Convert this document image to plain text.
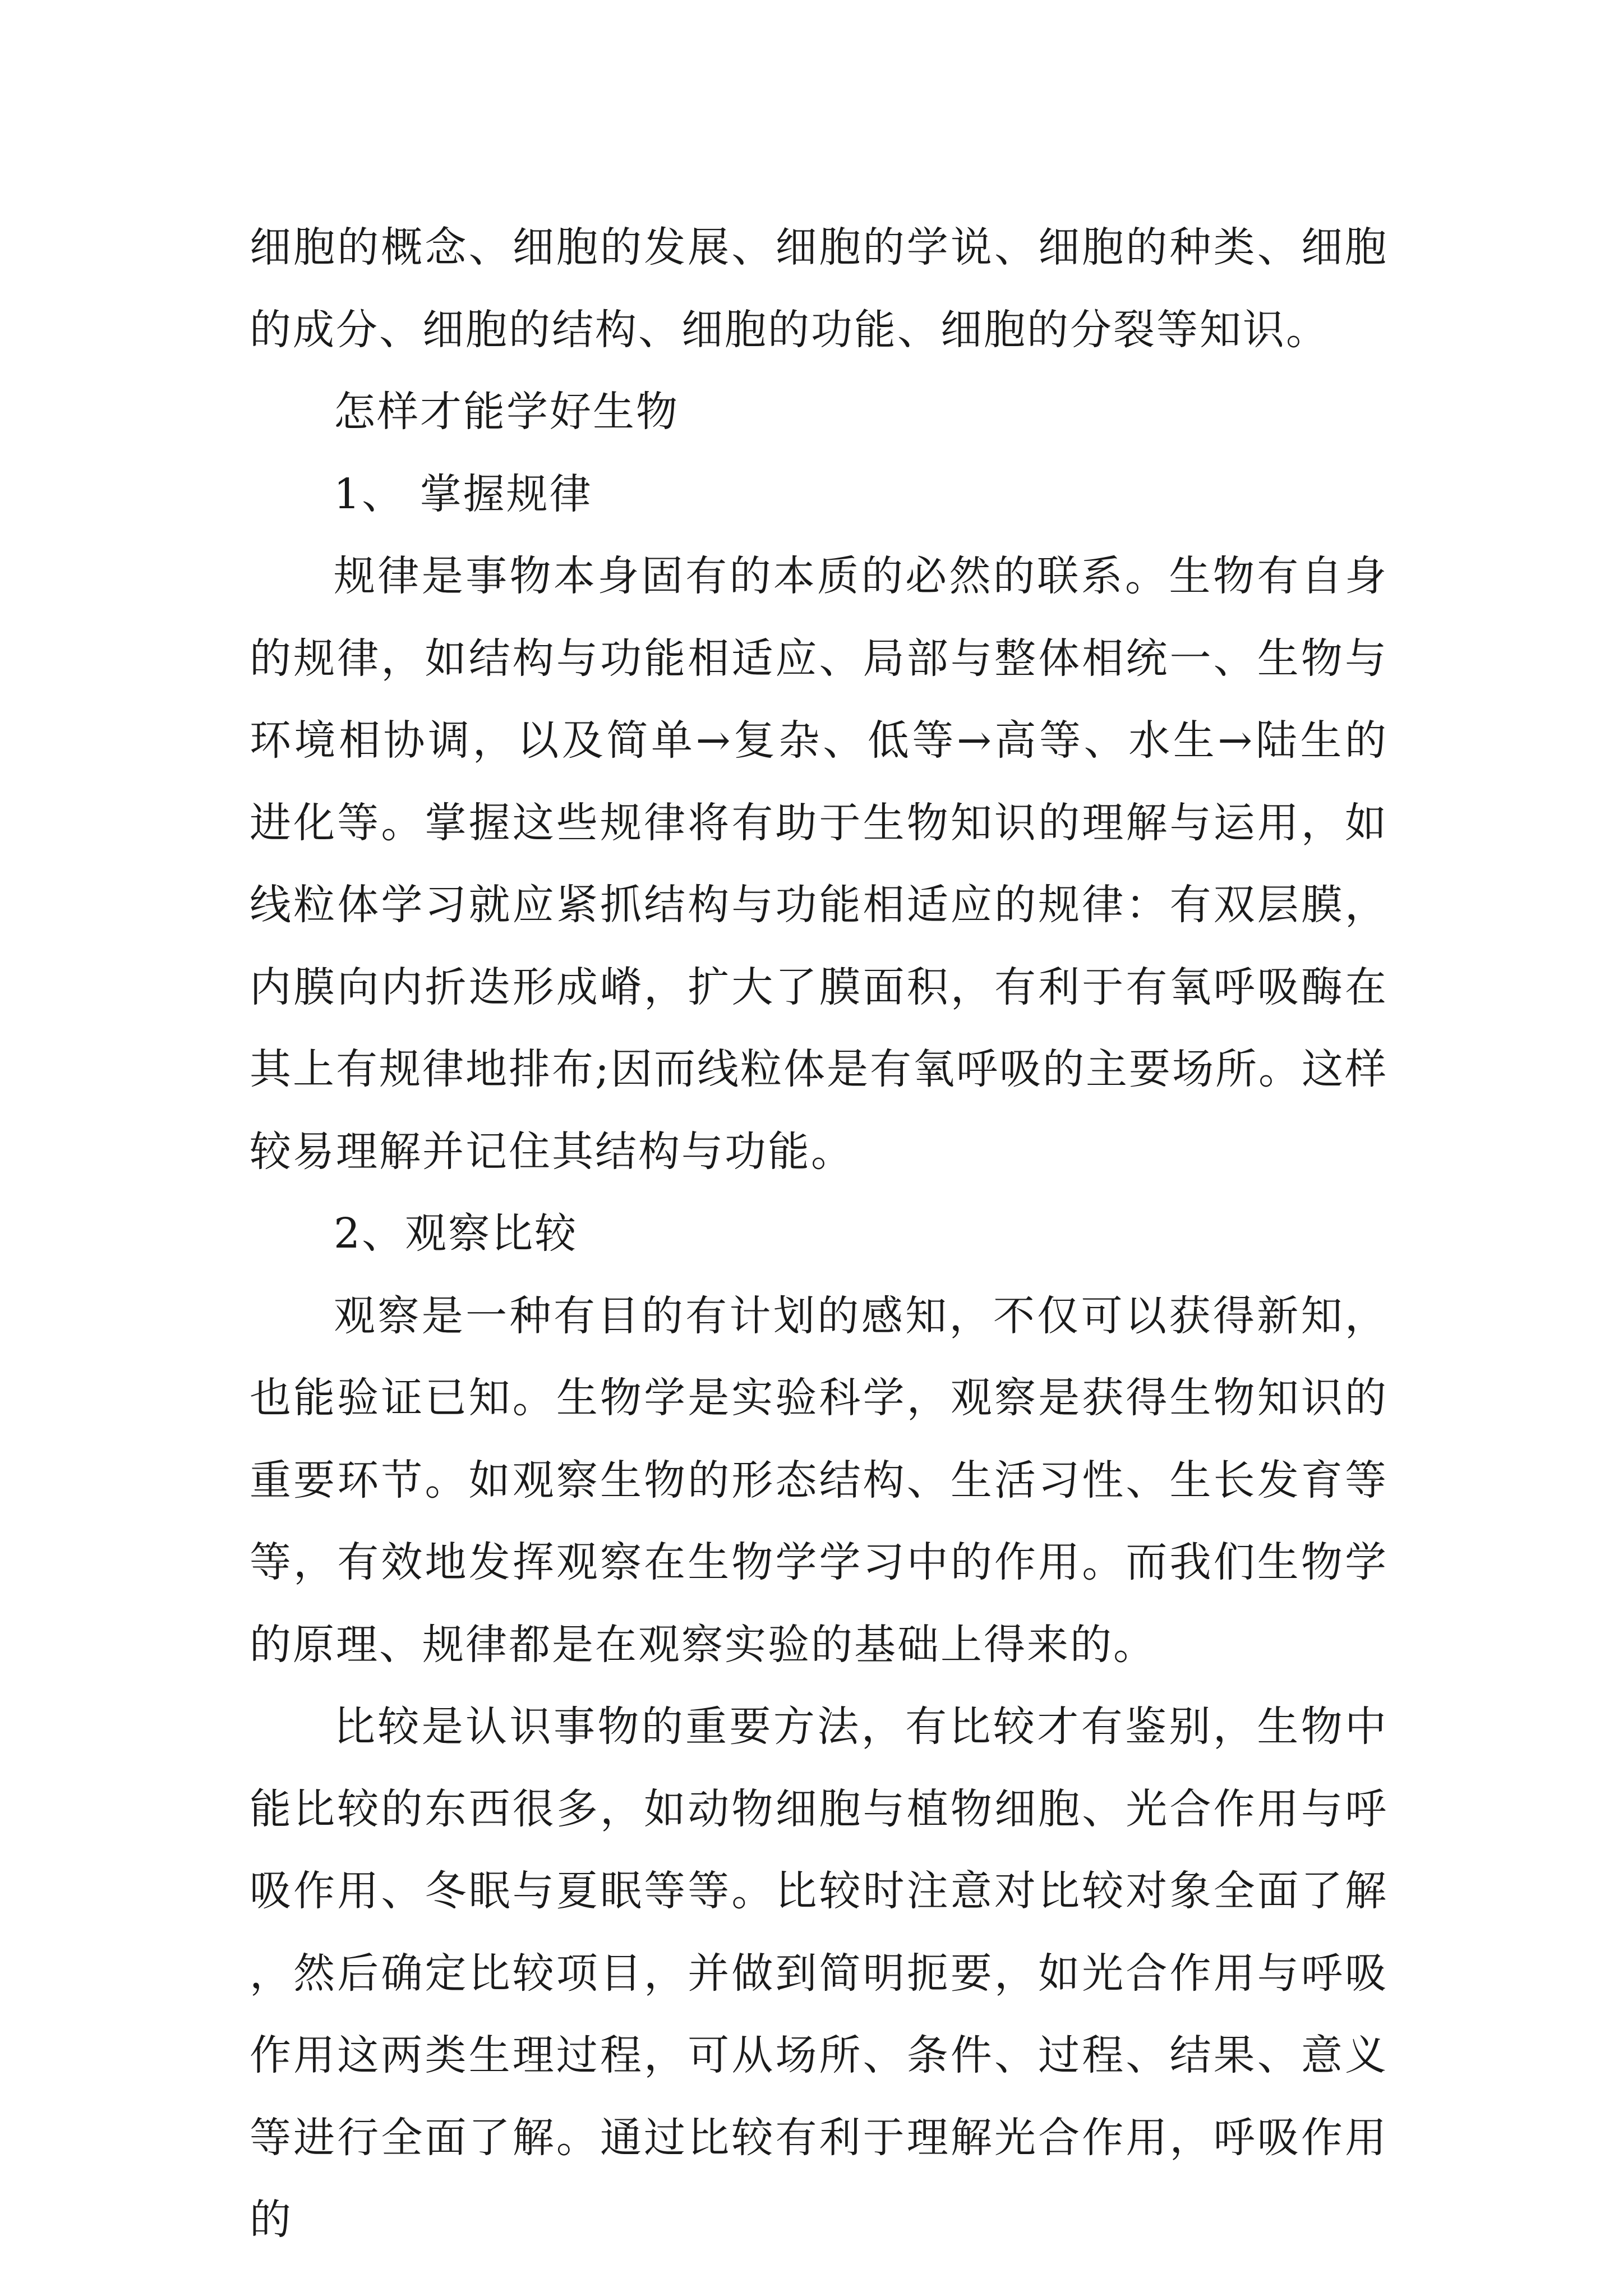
细胞的概念、细胞的发展、细胞的学说、细胞的种类、细胞的成分、细胞的结构、细胞的功能、细胞的分裂等知识。

怎样才能学好生物

1、 掌握规律

规律是事物本身固有的本质的必然的联系。生物有自身的规律，如结构与功能相适应、局部与整体相统一、生物与环境相协调，以及简单→复杂、低等→高等、水生→陆生的进化等。掌握这些规律将有助于生物知识的理解与运用，如线粒体学习就应紧抓结构与功能相适应的规律：有双层膜，内膜向内折迭形成嵴，扩大了膜面积，有利于有氧呼吸酶在其上有规律地排布;因而线粒体是有氧呼吸的主要场所。这样较易理解并记住其结构与功能。

2、观察比较

观察是一种有目的有计划的感知，不仅可以获得新知，也能验证已知。生物学是实验科学，观察是获得生物知识的重要环节。如观察生物的形态结构、生活习性、生长发育等等，有效地发挥观察在生物学学习中的作用。而我们生物学的原理、规律都是在观察实验的基础上得来的。

比较是认识事物的重要方法，有比较才有鉴别，生物中能比较的东西很多，如动物细胞与植物细胞、光合作用与呼吸作用、冬眠与夏眠等等。比较时注意对比较对象全面了解，然后确定比较项目，并做到简明扼要，如光合作用与呼吸作用这两类生理过程，可从场所、条件、过程、结果、意义等进行全面了解。通过比较有利于理解光合作用，呼吸作用的
